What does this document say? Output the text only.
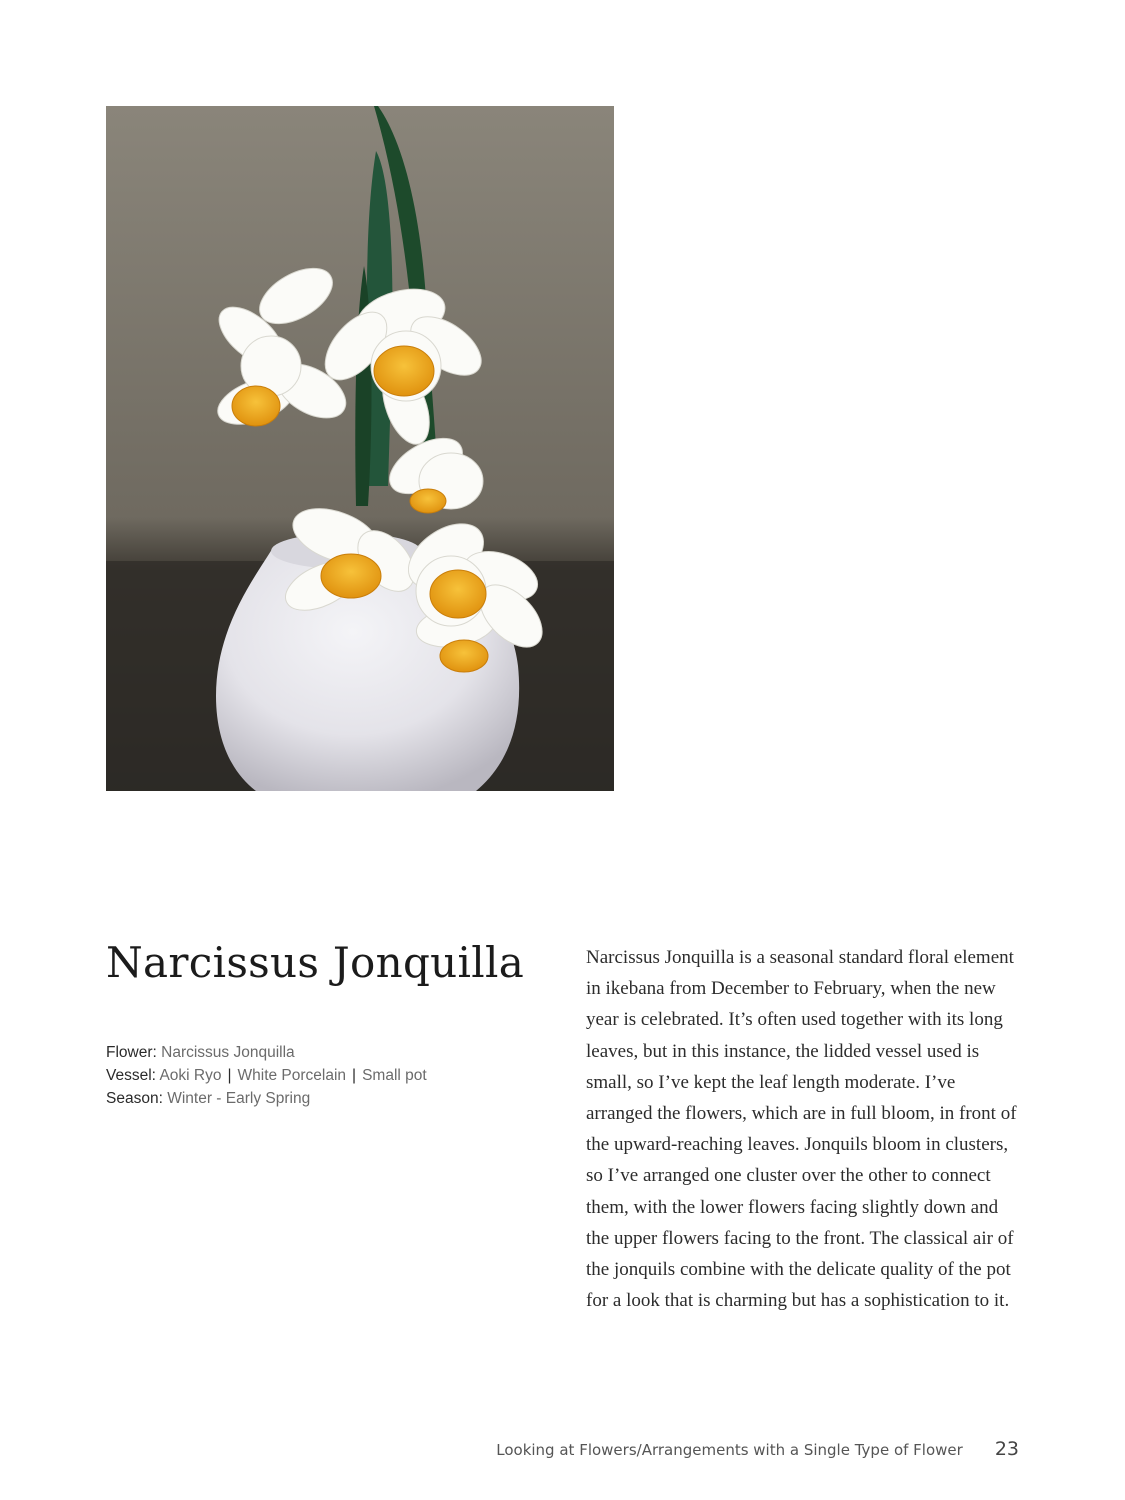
Narcissus Jonquilla
Flower: Narcissus Jonquilla
Vessel: Aoki Ryo | White Porcelain | Small pot
Season: Winter - Early Spring

Narcissus Jonquilla is a seasonal standard floral element in ikebana from December to February, when the new year is celebrated. It’s often used together with its long leaves, but in this instance, the lidded vessel used is small, so I’ve kept the leaf length moderate. I’ve arranged the flowers, which are in full bloom, in front of the upward-reaching leaves. Jonquils bloom in clusters, so I’ve arranged one cluster over the other to connect them, with the lower flowers facing slightly down and the upper flowers facing to the front. The classical air of the jonquils combine with the delicate quality of the pot for a look that is charming but has a sophistication to it.

Looking at Flowers/Arrangements with a Single Type of Flower 23
